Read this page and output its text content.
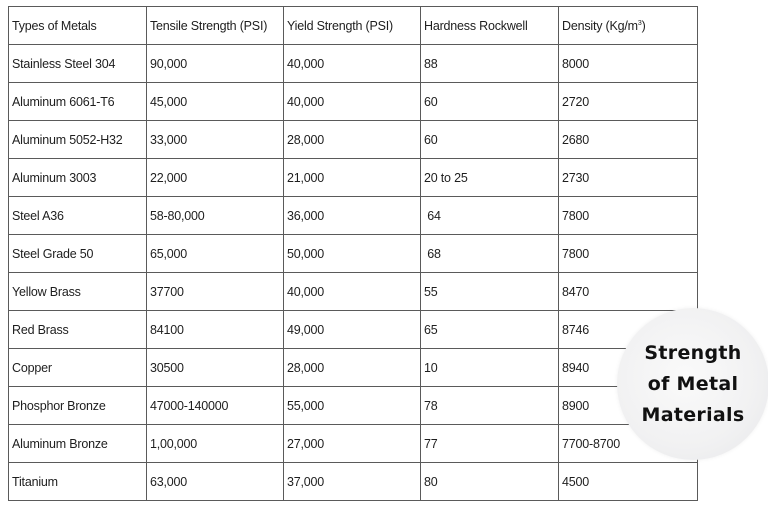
Types of Metals	Tensile Strength (PSI)	Yield Strength (PSI)	Hardness Rockwell	Density $(Kg/m^3)$
Stainless Steel 304	90,000	40,000	88	8000
Aluminum 6061-T6	45,000	40,000	60	2720
Aluminum 5052-H32	33,000	28,000	60	2680
Aluminum 3003	22,000	21,000	20 to 25	2730
Steel A36	58-80,000	36,000	64	7800
Steel Grade 50	65,000	50,000	68	7800
Yellow Brass	37700	40,000	55	8470
Red Brass	84100	49,000	65	8746
Copper	30500	28,000	10	8940
Phosphor Bronze	47000-140000	55,000	78	8900
Aluminum Bronze	1,00,000	27,000	77	7700-8700
Titanium	63,000	37,000	80	4500
Strength
of Metal
Materials
